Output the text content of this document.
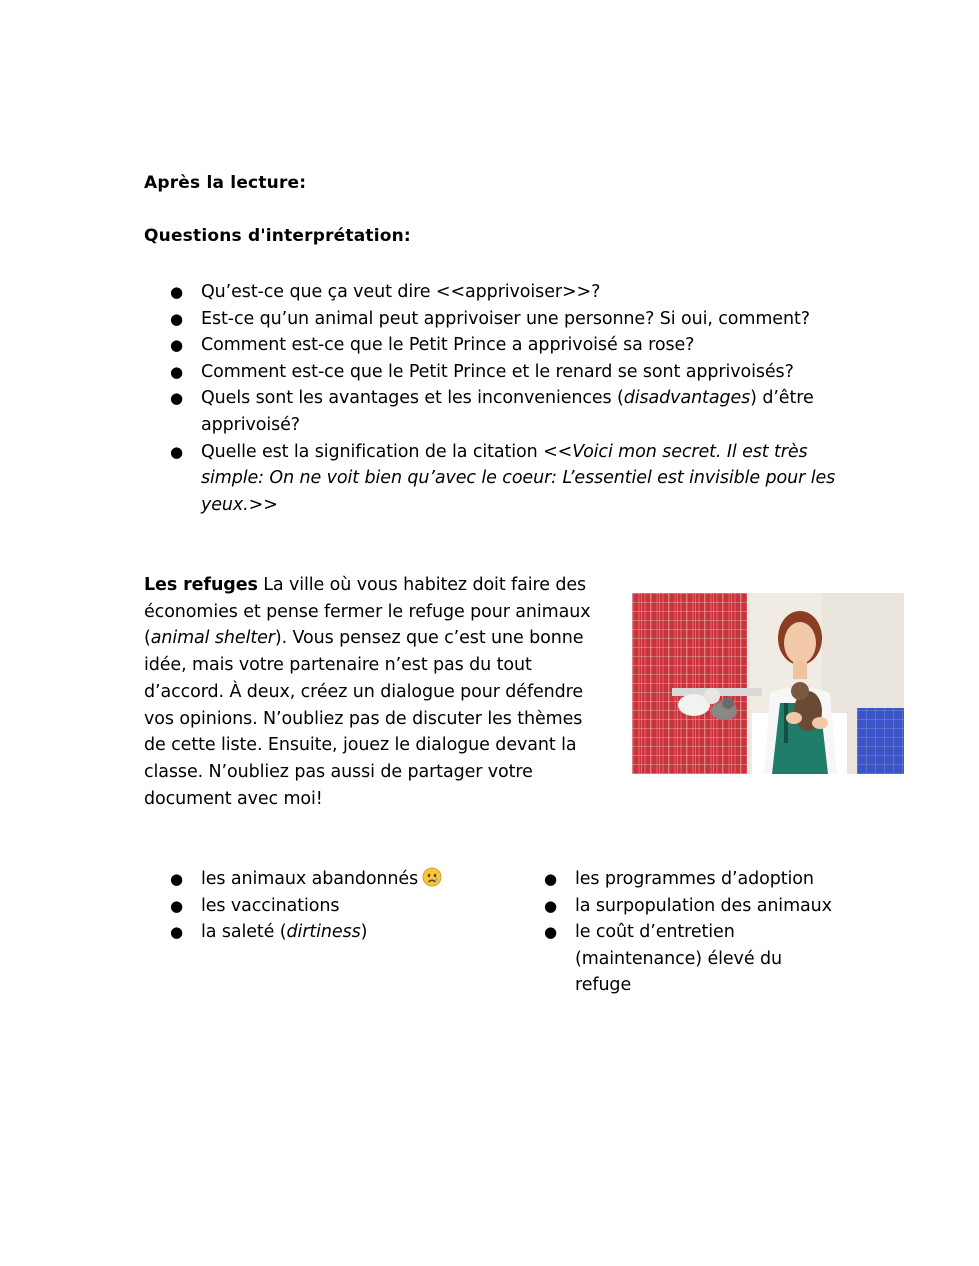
Après la lecture:
Questions d'interprétation:
● Qu’est-ce que ça veut dire <<apprivoiser>>?
● Est-ce qu’un animal peut apprivoiser une personne? Si oui, comment?
● Comment est-ce que le Petit Prince a apprivoisé sa rose?
● Comment est-ce que le Petit Prince et le renard se sont apprivoisés?
● Quels sont les avantages et les inconveniences (disadvantages) d’être apprivoisé?
● Quelle est la signification de la citation <<Voici mon secret. Il est très simple: On ne voit bien qu’avec le coeur: L’essentiel est invisible pour les yeux.>>
Les refuges La ville où vous habitez doit faire des économies et pense fermer le refuge pour animaux (animal shelter). Vous pensez que c’est une bonne idée, mais votre partenaire n’est pas du tout d’accord. À deux, créez un dialogue pour défendre vos opinions. N’oubliez pas de discuter les thèmes de cette liste. Ensuite, jouez le dialogue devant la classe. N’oubliez pas aussi de partager votre document avec moi!
● les animaux abandonnés
● les vaccinations
● la saleté (dirtiness)
● les programmes d’adoption
● la surpopulation des animaux
● le coût d’entretien (maintenance) élevé du refuge
